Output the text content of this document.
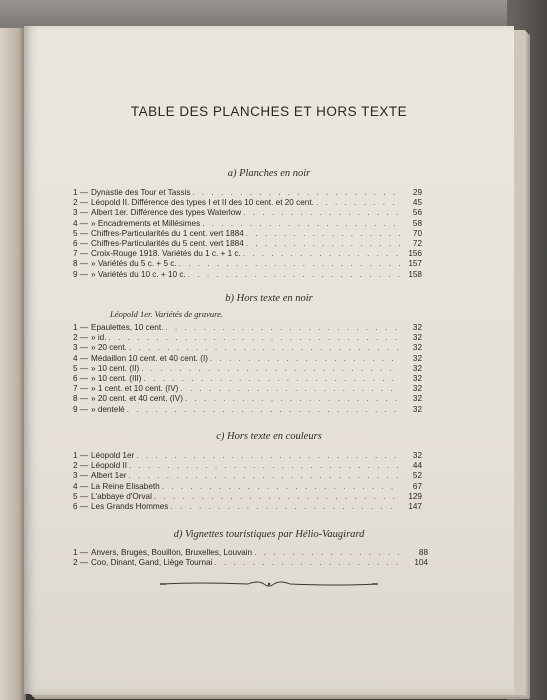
TABLE DES PLANCHES ET HORS TEXTE
a) Planches en noir
1 — Dynastie des Tour et Tassis . . .	29
2 — Léopold II. Différence des types I et II des 10 cent. et 20 cent. . . .	45
3 — Albert 1er. Différence des types Waterlow . . .	56
4 — » Encadrements et Millésimes . . .	58
5 — Chiffres-Particularités du 1 cent. vert 1884 . . .	70
6 — Chiffres-Particularités du 5 cent. vert 1884 . . .	72
7 — Croix-Rouge 1918. Variétés du 1 c. + 1 c. . . .	156
8 — » Variétés du 5 c. + 5 c. . . .	157
9 — » Variétés du 10 c. + 10 c. . . .	158
b) Hors texte en noir
Léopold 1er. Variétés de gravure.
1 — Epaulettes, 10 cent. . . .	32
2 — » id. . . .	32
3 — » 20 cent. . . .	32
4 — Médaillon 10 cent. et 40 cent. (I) . . .	32
5 — » 10 cent. (II) . . .	32
6 — » 10 cent. (III) . . .	32
7 — » 1 cent. et 10 cent. (IV) . . .	32
8 — » 20 cent. et 40 cent. (IV) . . .	32
9 — » dentelé . . .	32
c) Hors texte en couleurs
1 — Léopold 1er . . .	32
2 — Léopold II . . .	44
3 — Albert 1er . . .	52
4 — La Reine Elisabeth . . .	67
5 — L'abbaye d'Orval . . .	129
6 — Les Grands Hommes . . .	147
d) Vignettes touristiques par Hélio-Vaugirard
1 — Anvers, Bruges, Bouillon, Bruxelles, Louvain . . .	88
2 — Coo, Dinant, Gand, Liège Tournai . . .	104
